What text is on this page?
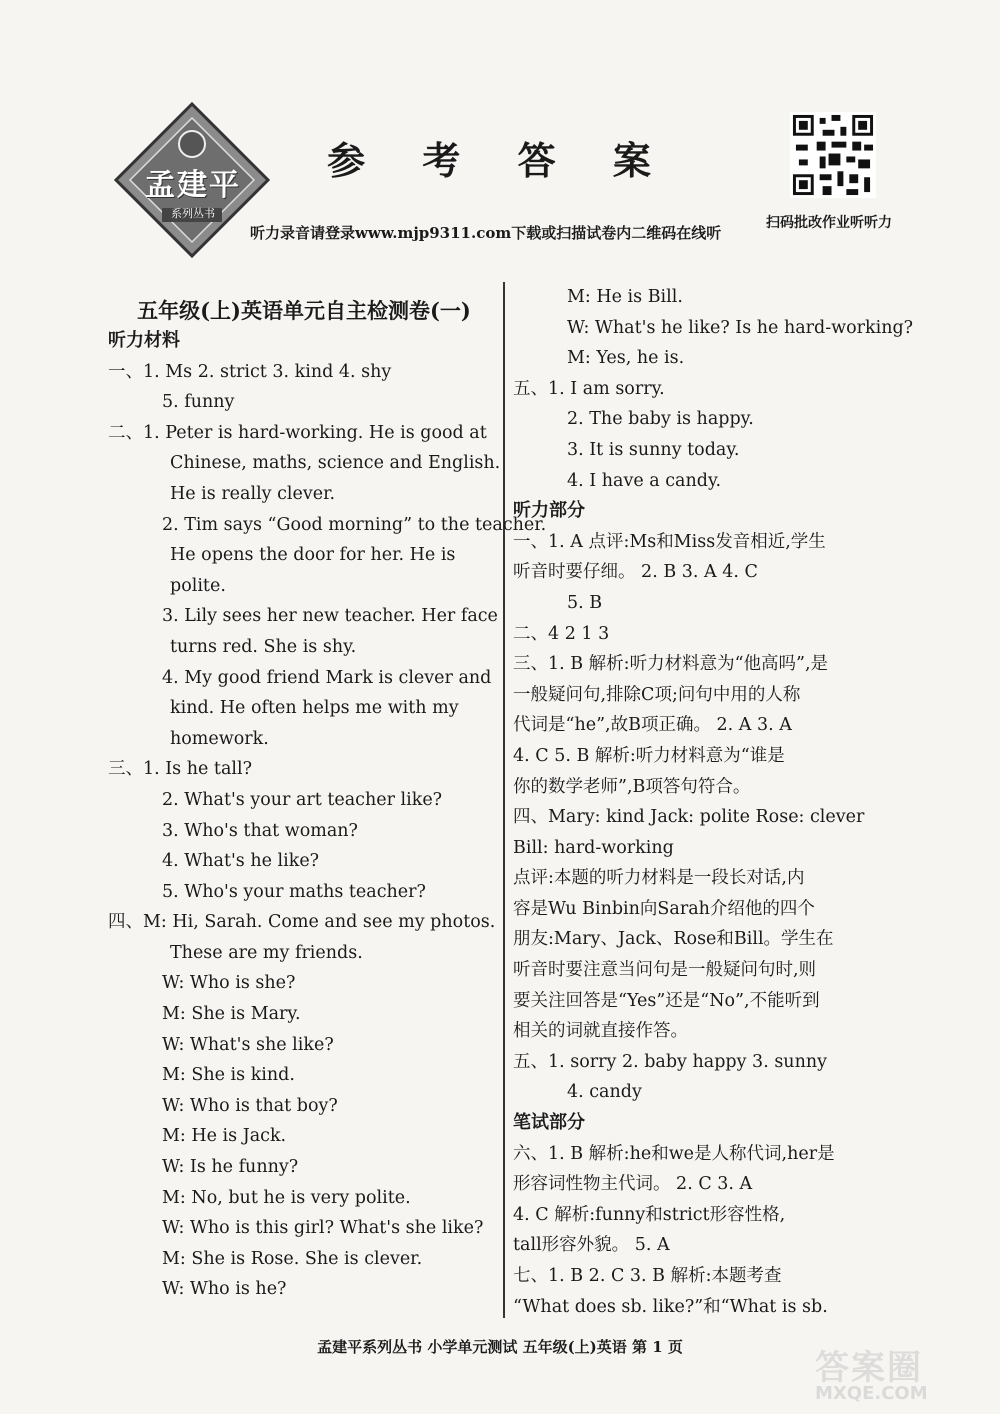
孟建平
系列丛书
参 考 答 案
听力录音请登录www.mjp9311.com下载或扫描试卷内二维码在线听
扫码批改作业听听力
五年级(上)英语单元自主检测卷(一)
听力材料
一、1. Ms 2. strict 3. kind 4. shy
5. funny
二、1. Peter is hard-working. He is good at
Chinese, maths, science and English.
He is really clever.
2. Tim says “Good morning” to the teacher.
He opens the door for her. He is
polite.
3. Lily sees her new teacher. Her face
turns red. She is shy.
4. My good friend Mark is clever and
kind. He often helps me with my
homework.
三、1. Is he tall?
2. What's your art teacher like?
3. Who's that woman?
4. What's he like?
5. Who's your maths teacher?
四、M: Hi, Sarah. Come and see my photos.
These are my friends.
W: Who is she?
M: She is Mary.
W: What's she like?
M: She is kind.
W: Who is that boy?
M: He is Jack.
W: Is he funny?
M: No, but he is very polite.
W: Who is this girl? What's she like?
M: She is Rose. She is clever.
W: Who is he?
M: He is Bill.
W: What's he like? Is he hard-working?
M: Yes, he is.
五、1. I am sorry.
2. The baby is happy.
3. It is sunny today.
4. I have a candy.
听力部分
一、1. A 点评:Ms和Miss发音相近,学生
听音时要仔细。 2. B 3. A 4. C
5. B
二、4 2 1 3
三、1. B 解析:听力材料意为“他高吗”,是
一般疑问句,排除C项;问句中用的人称
代词是“he”,故B项正确。 2. A 3. A
4. C 5. B 解析:听力材料意为“谁是
你的数学老师”,B项答句符合。
四、Mary: kind Jack: polite Rose: clever
Bill: hard-working
点评:本题的听力材料是一段长对话,内
容是Wu Binbin向Sarah介绍他的四个
朋友:Mary、Jack、Rose和Bill。学生在
听音时要注意当问句是一般疑问句时,则
要关注回答是“Yes”还是“No”,不能听到
相关的词就直接作答。
五、1. sorry 2. baby happy 3. sunny
4. candy
笔试部分
六、1. B 解析:he和we是人称代词,her是
形容词性物主代词。 2. C 3. A
4. C 解析:funny和strict形容性格,
tall形容外貌。 5. A
七、1. B 2. C 3. B 解析:本题考查
“What does sb. like?”和“What is sb.
孟建平系列丛书 小学单元测试 五年级(上)英语 第 1 页
答案圈
MXQE.COM
